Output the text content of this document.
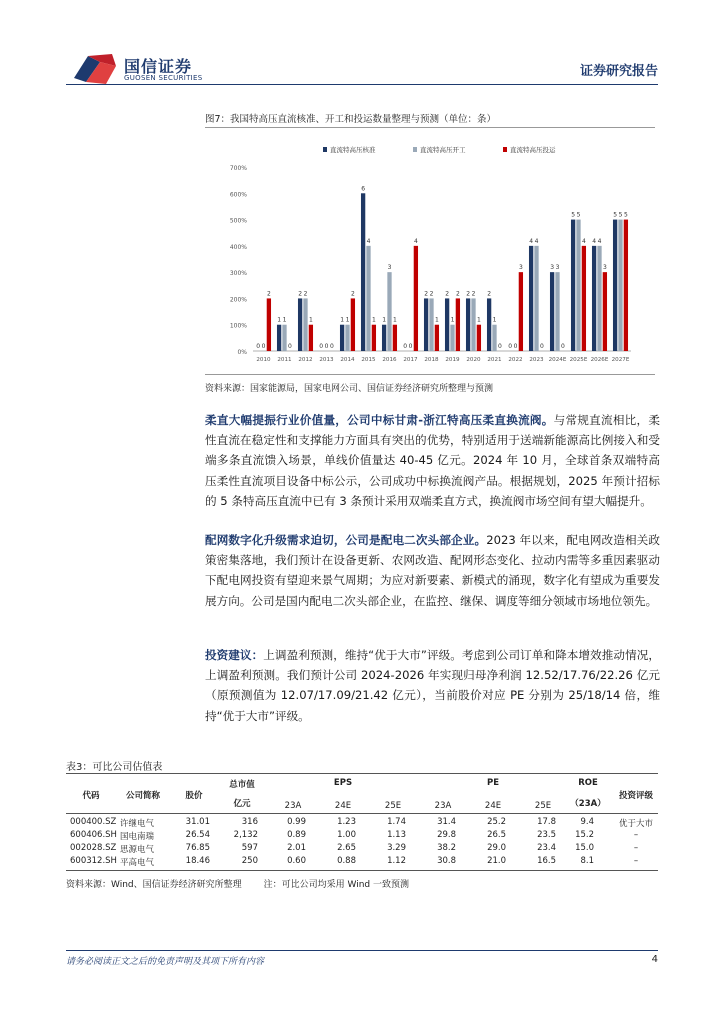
国信证券
GUOSEN SECURITIES	证券研究报告
图7：我国特高压直流核准、开工和投运数量整理与预测（单位：条）
0%
100%
200%
300%
400%
500%
600%
700%
直流特高压核准	直流特高压开工	直流特高压投运
0 0
2
2010
1 1
0
2011
2 2
1
2012
0 0 0
2013
1 1
2
2014
6
4
1
2015
1
3
1
2016
0 0
4
2017
2 2
1
2018
2
1
2
2019
2 2
1
2020
2
1
0
2021
0 0
3
2022
4 4
0
2023
3 3
0
2024E
5 5
4
2025E
4 4
3
2026E
5 5 5
2027E
资料来源：国家能源局，国家电网公司、国信证券经济研究所整理与预测
柔直大幅提振行业价值量，公司中标甘肃-浙江特高压柔直换流阀。与常规直流相比，柔性直流在稳定性和支撑能力方面具有突出的优势，特别适用于送端新能源高比例接入和受端多条直流馈入场景，单线价值量达 40-45 亿元。2024 年 10 月，全球首条双端特高压柔性直流项目设备中标公示，公司成功中标换流阀产品。根据规划，2025 年预计招标的 5 条特高压直流中已有 3 条预计采用双端柔直方式，换流阀市场空间有望大幅提升。
配网数字化升级需求迫切，公司是配电二次头部企业。2023 年以来，配电网改造相关政策密集落地，我们预计在设备更新、农网改造、配网形态变化、拉动内需等多重因素驱动下配电网投资有望迎来景气周期；为应对新要素、新模式的涌现，数字化有望成为重要发展方向。公司是国内配电二次头部企业，在监控、继保、调度等细分领域市场地位领先。
投资建议：上调盈利预测，维持“优于大市”评级。考虑到公司订单和降本增效推动情况，上调盈利预测。我们预计公司 2024-2026 年实现归母净利润 12.52/17.76/22.26 亿元（原预测值为 12.07/17.09/21.42 亿元），当前股价对应 PE 分别为 25/18/14 倍，维持“优于大市”评级。
表3：可比公司估值表
代码	公司简称	股价
总市值
亿元
EPS	PE	ROE
（23A）
投资评级
23A	24E	25E	23A	24E	25E
000400.SZ 许继电气	31.01	316	0.99	1.23	1.74	31.4	25.2	17.8	9.4	优于大市
600406.SH 国电南瑞	26.54	2,132	0.89	1.00	1.13	29.8	26.5	23.5	15.2	–
002028.SZ 思源电气	76.85	597	2.01	2.65	3.29	38.2	29.0	23.4	15.0	–
600312.SH 平高电气	18.46	250	0.60	0.88	1.12	30.8	21.0	16.5	8.1	–
资料来源：Wind、国信证券经济研究所整理 注：可比公司均采用 Wind 一致预测
请务必阅读正文之后的免责声明及其项下所有内容	4
